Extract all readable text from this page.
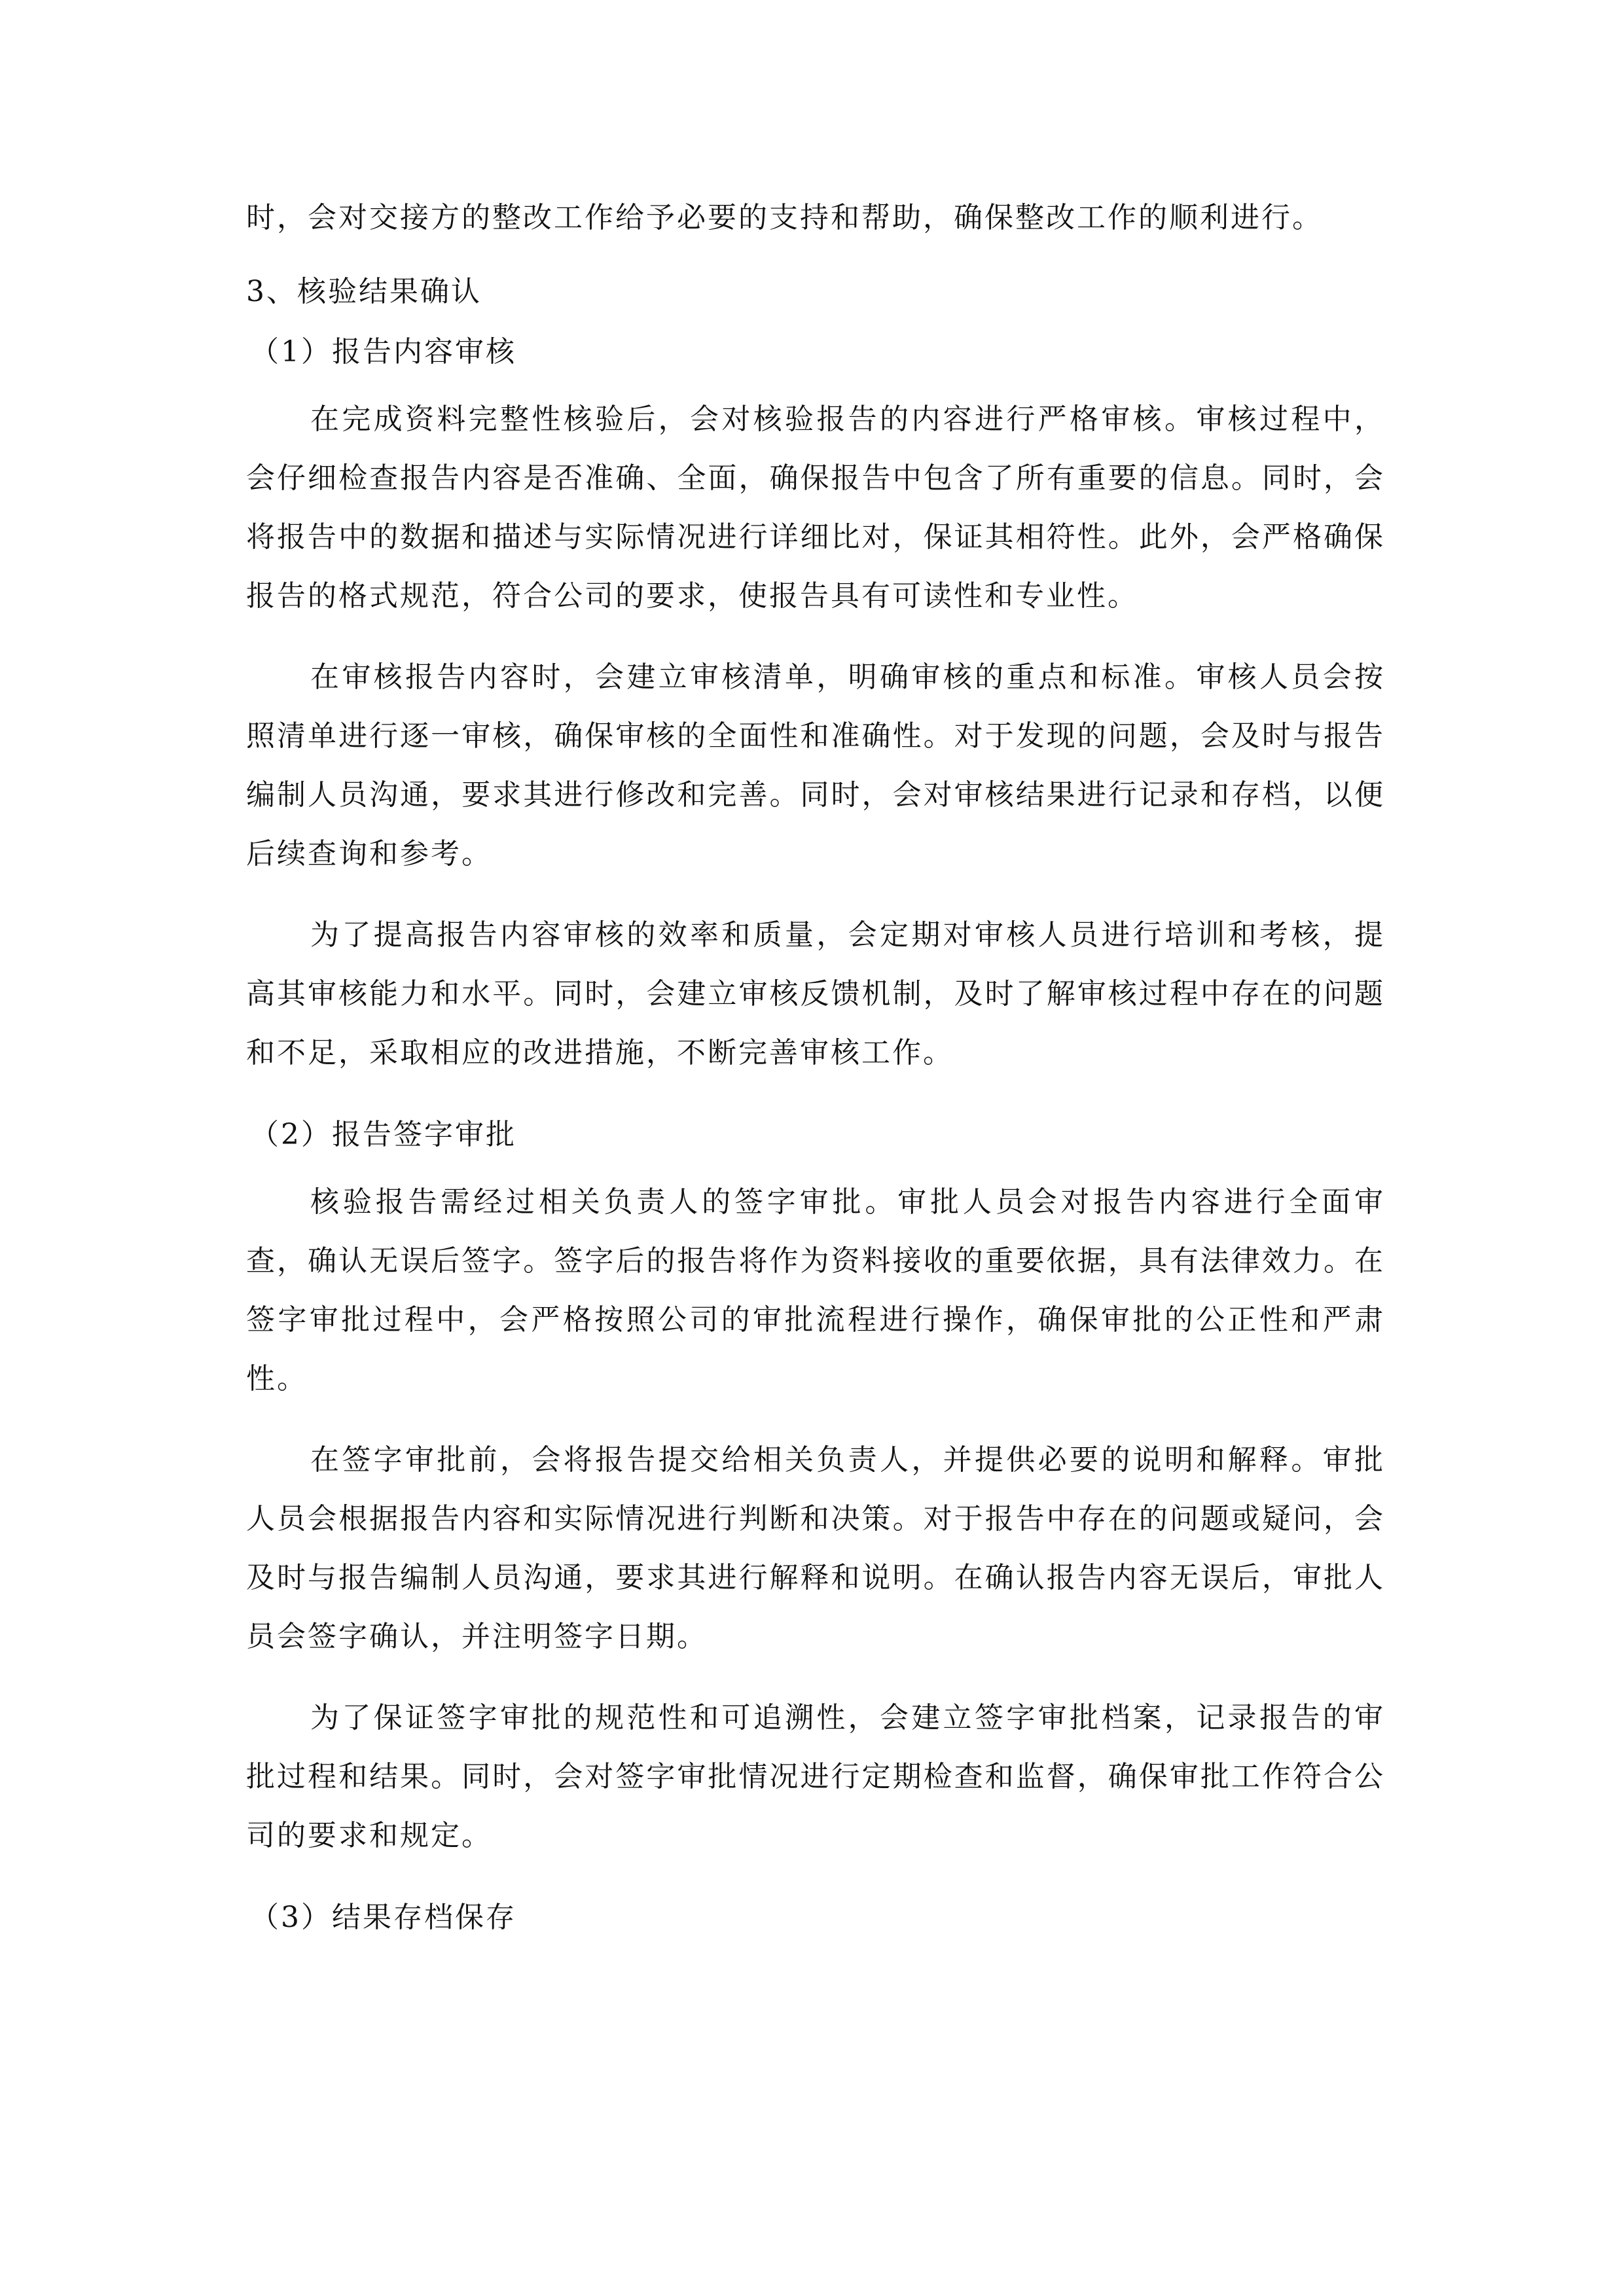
时，会对交接方的整改工作给予必要的支持和帮助，确保整改工作的顺利进行。

3、核验结果确认

（1）报告内容审核

在完成资料完整性核验后，会对核验报告的内容进行严格审核。审核过程中，会仔细检查报告内容是否准确、全面，确保报告中包含了所有重要的信息。同时，会将报告中的数据和描述与实际情况进行详细比对，保证其相符性。此外，会严格确保报告的格式规范，符合公司的要求，使报告具有可读性和专业性。

在审核报告内容时，会建立审核清单，明确审核的重点和标准。审核人员会按照清单进行逐一审核，确保审核的全面性和准确性。对于发现的问题，会及时与报告编制人员沟通，要求其进行修改和完善。同时，会对审核结果进行记录和存档，以便后续查询和参考。

为了提高报告内容审核的效率和质量，会定期对审核人员进行培训和考核，提高其审核能力和水平。同时，会建立审核反馈机制，及时了解审核过程中存在的问题和不足，采取相应的改进措施，不断完善审核工作。

（2）报告签字审批

核验报告需经过相关负责人的签字审批。审批人员会对报告内容进行全面审查，确认无误后签字。签字后的报告将作为资料接收的重要依据，具有法律效力。在签字审批过程中，会严格按照公司的审批流程进行操作，确保审批的公正性和严肃性。

在签字审批前，会将报告提交给相关负责人，并提供必要的说明和解释。审批人员会根据报告内容和实际情况进行判断和决策。对于报告中存在的问题或疑问，会及时与报告编制人员沟通，要求其进行解释和说明。在确认报告内容无误后，审批人员会签字确认，并注明签字日期。

为了保证签字审批的规范性和可追溯性，会建立签字审批档案，记录报告的审批过程和结果。同时，会对签字审批情况进行定期检查和监督，确保审批工作符合公司的要求和规定。

（3）结果存档保存
